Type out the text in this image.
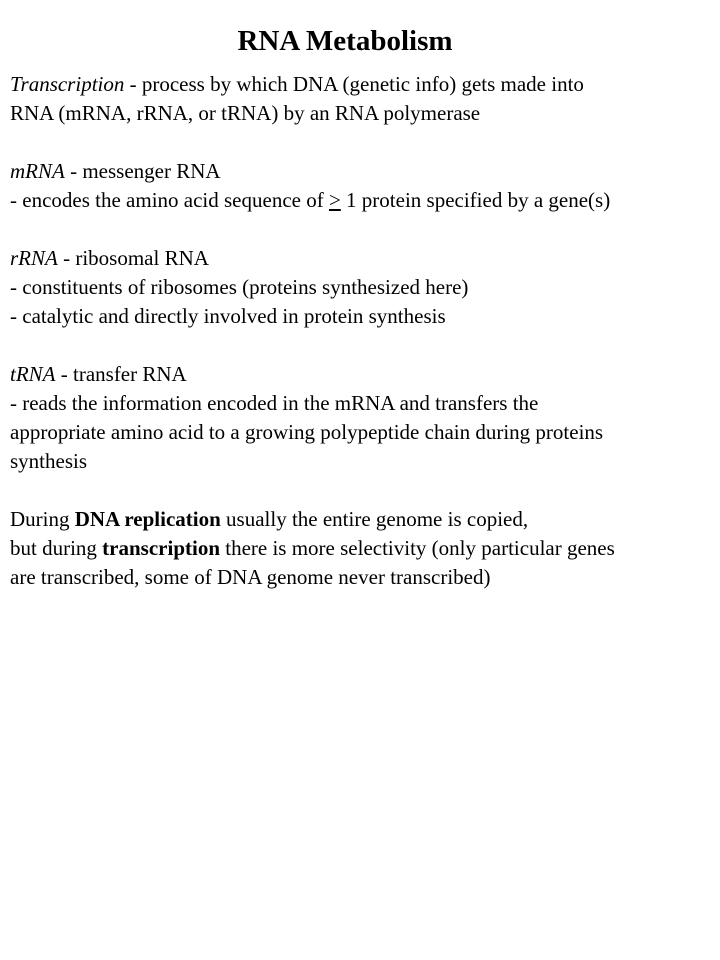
RNA Metabolism

Transcription - process by which DNA (genetic info) gets made into
RNA (mRNA, rRNA, or tRNA) by an RNA polymerase

mRNA - messenger RNA
- encodes the amino acid sequence of ≥ 1 protein specified by a gene(s)

rRNA - ribosomal RNA
- constituents of ribosomes (proteins synthesized here)
- catalytic and directly involved in protein synthesis

tRNA - transfer RNA
- reads the information encoded in the mRNA and transfers the
appropriate amino acid to a growing polypeptide chain during proteins
synthesis

During DNA replication usually the entire genome is copied,
but during transcription there is more selectivity (only particular genes
are transcribed, some of DNA genome never transcribed)
